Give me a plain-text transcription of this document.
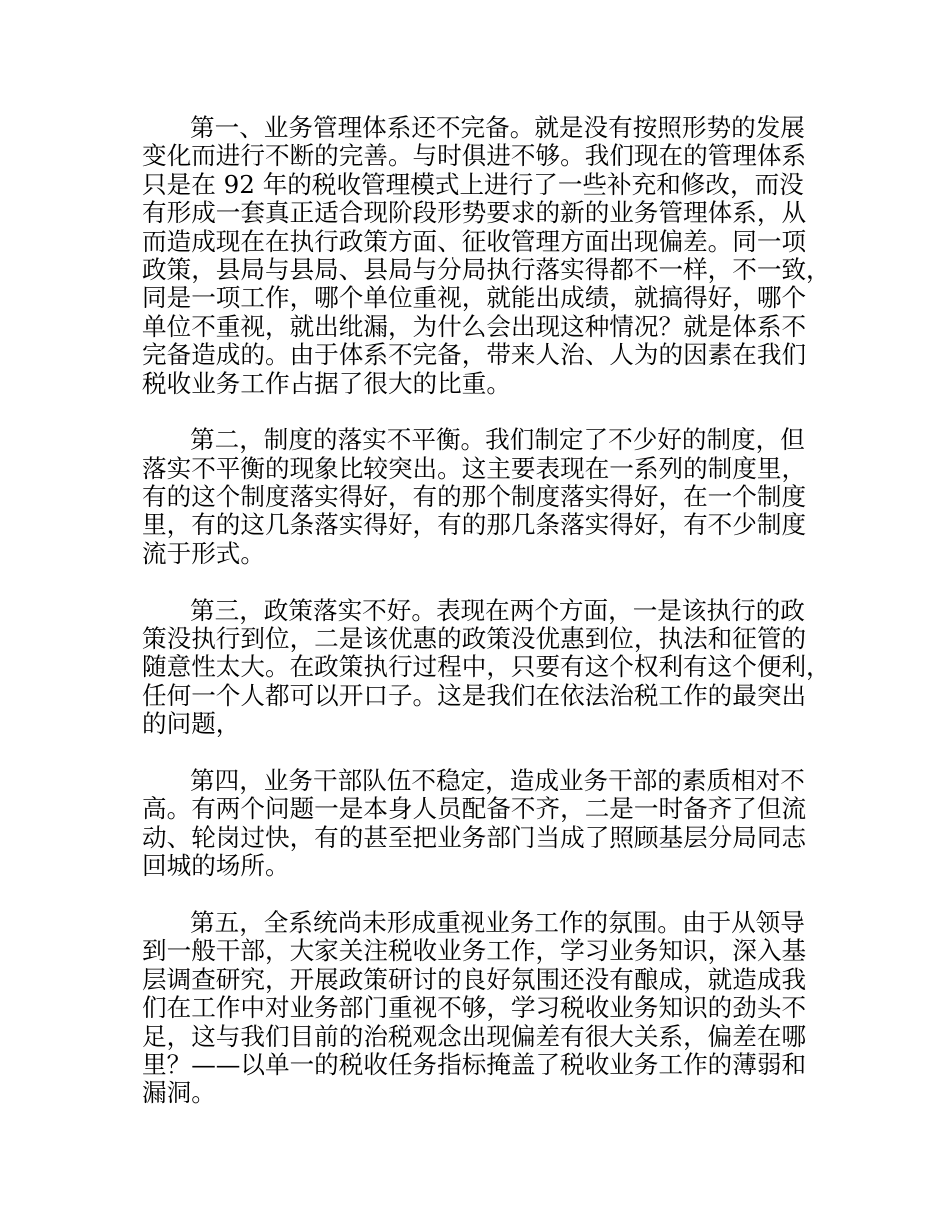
第一、业务管理体系还不完备。就是没有按照形势的发展
变化而进行不断的完善。与时俱进不够。我们现在的管理体系
只是在 92 年的税收管理模式上进行了一些补充和修改，而没
有形成一套真正适合现阶段形势要求的新的业务管理体系，从
而造成现在在执行政策方面、征收管理方面出现偏差。同一项
政策，县局与县局、县局与分局执行落实得都不一样，不一致，
同是一项工作，哪个单位重视，就能出成绩，就搞得好，哪个
单位不重视，就出纰漏，为什么会出现这种情况？就是体系不
完备造成的。由于体系不完备，带来人治、人为的因素在我们
税收业务工作占据了很大的比重。
第二，制度的落实不平衡。我们制定了不少好的制度，但
落实不平衡的现象比较突出。这主要表现在一系列的制度里，
有的这个制度落实得好，有的那个制度落实得好，在一个制度
里，有的这几条落实得好，有的那几条落实得好，有不少制度
流于形式。
第三，政策落实不好。表现在两个方面，一是该执行的政
策没执行到位，二是该优惠的政策没优惠到位，执法和征管的
随意性太大。在政策执行过程中，只要有这个权利有这个便利，
任何一个人都可以开口子。这是我们在依法治税工作的最突出
的问题，
第四，业务干部队伍不稳定，造成业务干部的素质相对不
高。有两个问题一是本身人员配备不齐，二是一时备齐了但流
动、轮岗过快，有的甚至把业务部门当成了照顾基层分局同志
回城的场所。
第五，全系统尚未形成重视业务工作的氛围。由于从领导
到一般干部，大家关注税收业务工作，学习业务知识，深入基
层调查研究，开展政策研讨的良好氛围还没有酿成，就造成我
们在工作中对业务部门重视不够，学习税收业务知识的劲头不
足，这与我们目前的治税观念出现偏差有很大关系，偏差在哪
里？——以单一的税收任务指标掩盖了税收业务工作的薄弱和
漏洞。
